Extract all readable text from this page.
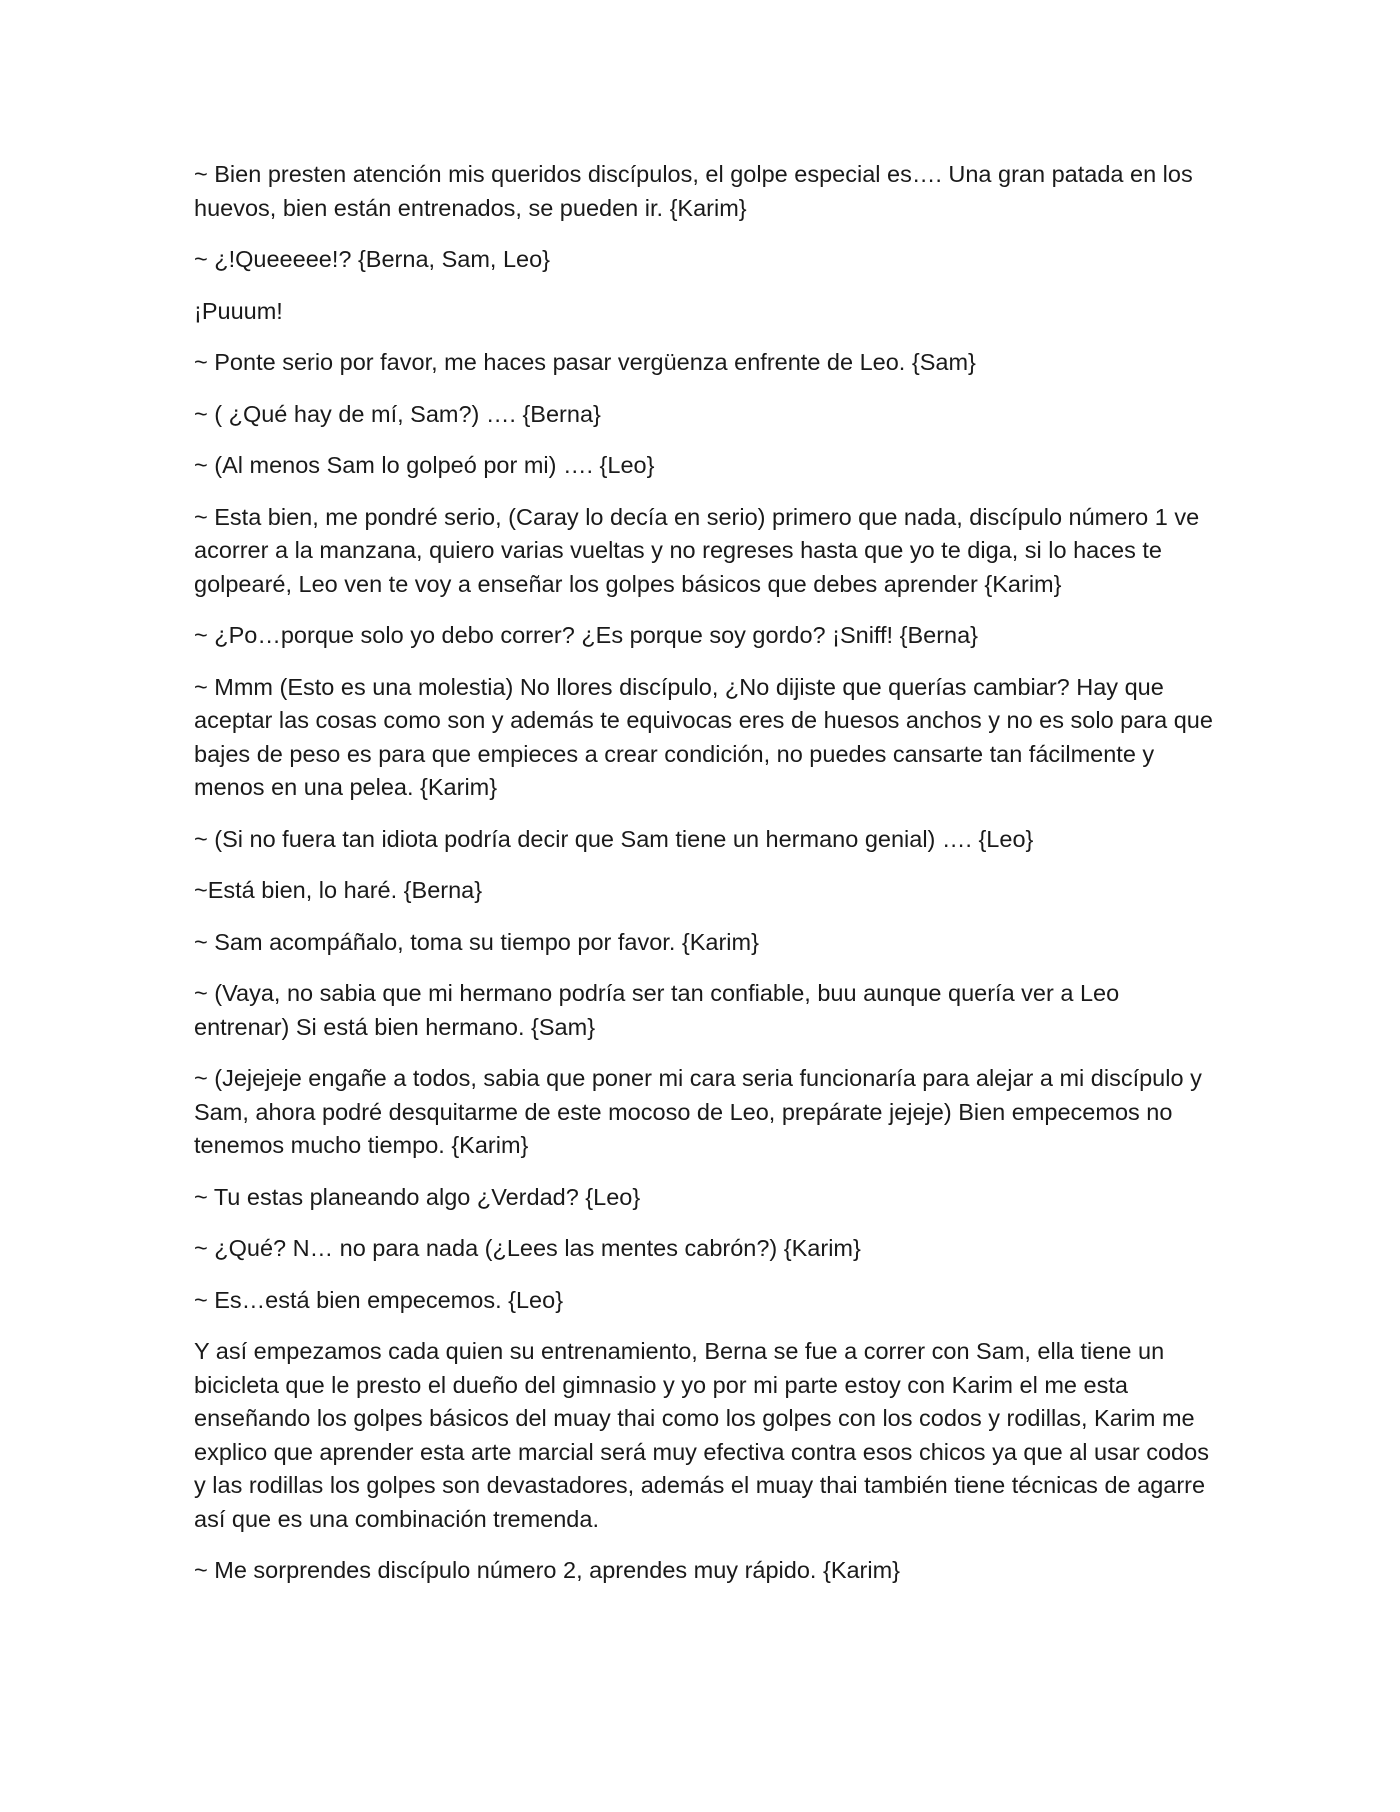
~ Bien presten atención mis queridos discípulos, el golpe especial es…. Una gran patada en los huevos, bien están entrenados, se pueden ir. {Karim}

~ ¿!Queeeee!? {Berna, Sam, Leo}

¡Puuum!

~ Ponte serio por favor, me haces pasar vergüenza enfrente de Leo. {Sam}

~ ( ¿Qué hay de mí, Sam?) …. {Berna}

~ (Al menos Sam lo golpeó por mi) …. {Leo}

~ Esta bien, me pondré serio, (Caray lo decía en serio) primero que nada, discípulo número 1 ve acorrer a la manzana, quiero varias vueltas y no regreses hasta que yo te diga, si lo haces te golpearé, Leo ven te voy a enseñar los golpes básicos que debes aprender {Karim}

~ ¿Po…porque solo yo debo correr? ¿Es porque soy gordo? ¡Sniff! {Berna}

~ Mmm (Esto es una molestia) No llores discípulo, ¿No dijiste que querías cambiar? Hay que aceptar las cosas como son y además te equivocas eres de huesos anchos y no es solo para que bajes de peso es para que empieces a crear condición, no puedes cansarte tan fácilmente y menos en una pelea. {Karim}

~ (Si no fuera tan idiota podría decir que Sam tiene un hermano genial) …. {Leo}

~Está bien, lo haré. {Berna}

~ Sam acompáñalo, toma su tiempo por favor. {Karim}

~ (Vaya, no sabia que mi hermano podría ser tan confiable, buu aunque quería ver a Leo entrenar) Si está bien hermano. {Sam}

~ (Jejejeje engañe a todos, sabia que poner mi cara seria funcionaría para alejar a mi discípulo y Sam, ahora podré desquitarme de este mocoso de Leo, prepárate jejeje) Bien empecemos no tenemos mucho tiempo. {Karim}

~ Tu estas planeando algo ¿Verdad? {Leo}

~ ¿Qué? N… no para nada (¿Lees las mentes cabrón?) {Karim}

~ Es…está bien empecemos. {Leo}

Y así empezamos cada quien su entrenamiento, Berna se fue a correr con Sam, ella tiene un bicicleta que le presto el dueño del gimnasio y yo por mi parte estoy con Karim el me esta enseñando los golpes básicos del muay thai como los golpes con los codos y rodillas, Karim me explico que aprender esta arte marcial será muy efectiva contra esos chicos ya que al usar codos y las rodillas los golpes son devastadores, además el muay thai también tiene técnicas de agarre así que es una combinación tremenda.

~ Me sorprendes discípulo número 2, aprendes muy rápido. {Karim}
